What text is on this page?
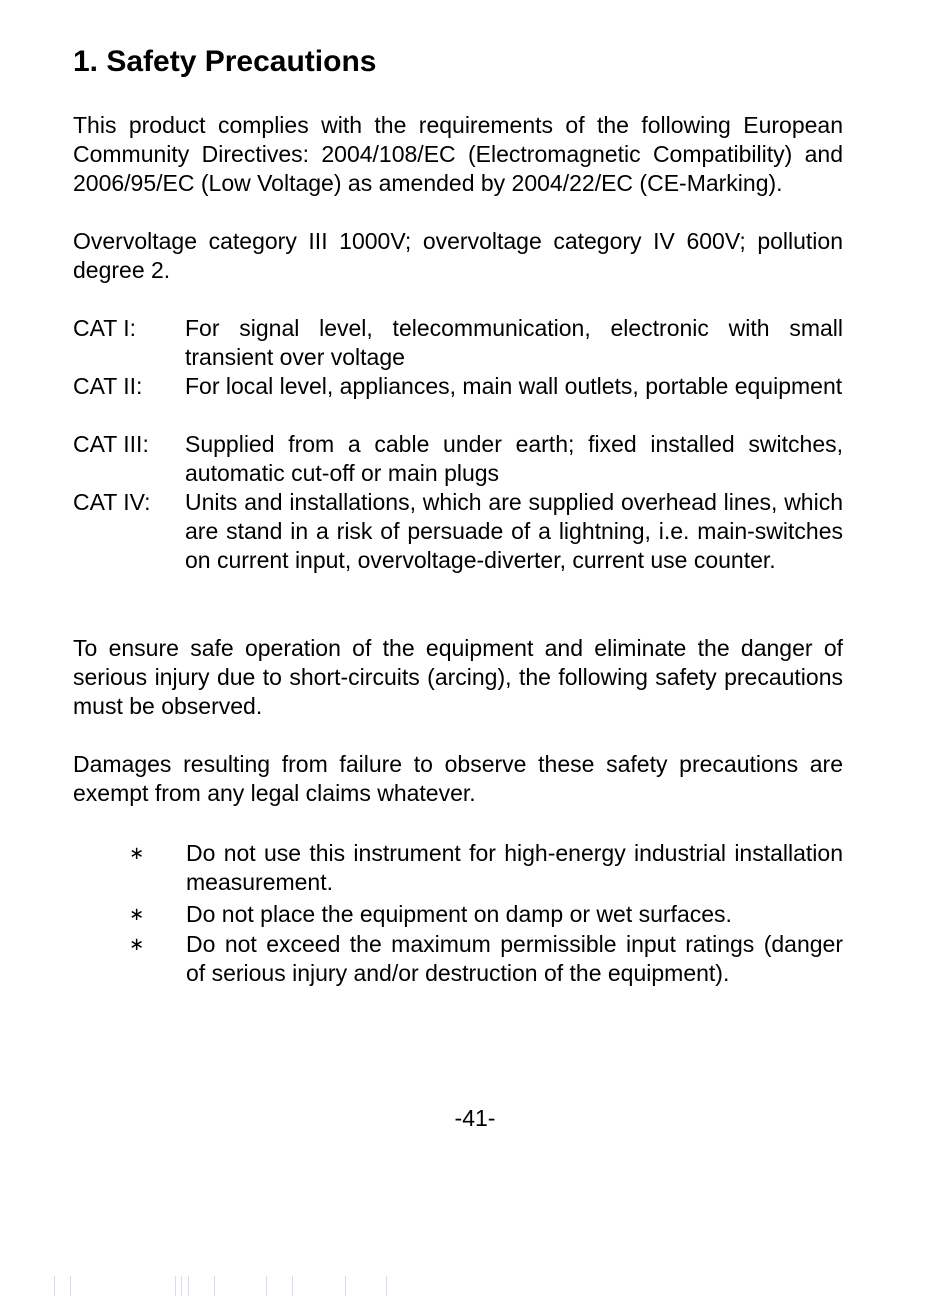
1. Safety Precautions

This product complies with the requirements of the following European Community Directives: 2004/108/EC (Electromagnetic Compatibility) and 2006/95/EC (Low Voltage) as amended by 2004/22/EC (CE-Marking).

Overvoltage category III 1000V; overvoltage category IV 600V; pollution degree 2.

CAT I: For signal level, telecommunication, electronic with small transient over voltage
CAT II: For local level, appliances, main wall outlets, portable equipment
CAT III: Supplied from a cable under earth; fixed installed switches, automatic cut-off or main plugs
CAT IV: Units and installations, which are supplied overhead lines, which are stand in a risk of persuade of a lightning, i.e. main-switches on current input, overvoltage-diverter, current use counter.

To ensure safe operation of the equipment and eliminate the danger of serious injury due to short-circuits (arcing), the following safety precautions must be observed.

Damages resulting from failure to observe these safety precautions are exempt from any legal claims whatever.

∗ Do not use this instrument for high-energy industrial installation measurement.
∗ Do not place the equipment on damp or wet surfaces.
∗ Do not exceed the maximum permissible input ratings (danger of serious injury and/or destruction of the equipment).
-41-
